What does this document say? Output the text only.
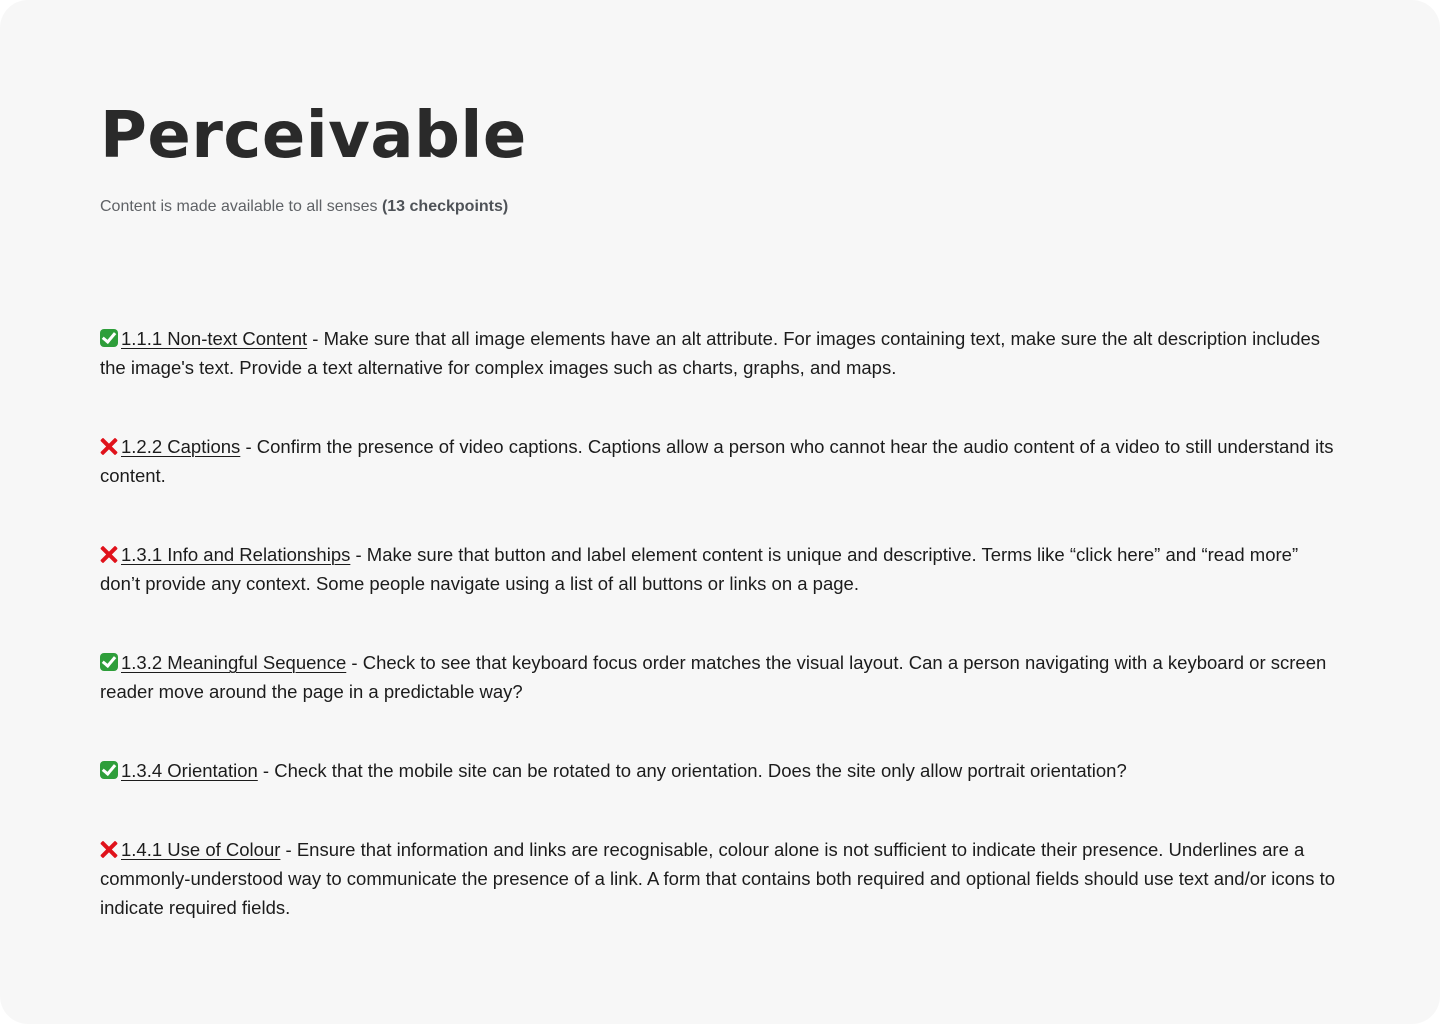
Perceivable

Content is made available to all senses (13 checkpoints)

1.1.1 Non-text Content - Make sure that all image elements have an alt attribute. For images containing text, make sure the alt description includes the image's text. Provide a text alternative for complex images such as charts, graphs, and maps.

1.2.2 Captions - Confirm the presence of video captions. Captions allow a person who cannot hear the audio content of a video to still understand its content.

1.3.1 Info and Relationships - Make sure that button and label element content is unique and descriptive. Terms like “click here” and “read more” don’t provide any context. Some people navigate using a list of all buttons or links on a page.

1.3.2 Meaningful Sequence - Check to see that keyboard focus order matches the visual layout. Can a person navigating with a keyboard or screen reader move around the page in a predictable way?

1.3.4 Orientation - Check that the mobile site can be rotated to any orientation. Does the site only allow portrait orientation?

1.4.1 Use of Colour - Ensure that information and links are recognisable, colour alone is not sufficient to indicate their presence. Underlines are a commonly-understood way to communicate the presence of a link. A form that contains both required and optional fields should use text and/or icons to indicate required fields.
